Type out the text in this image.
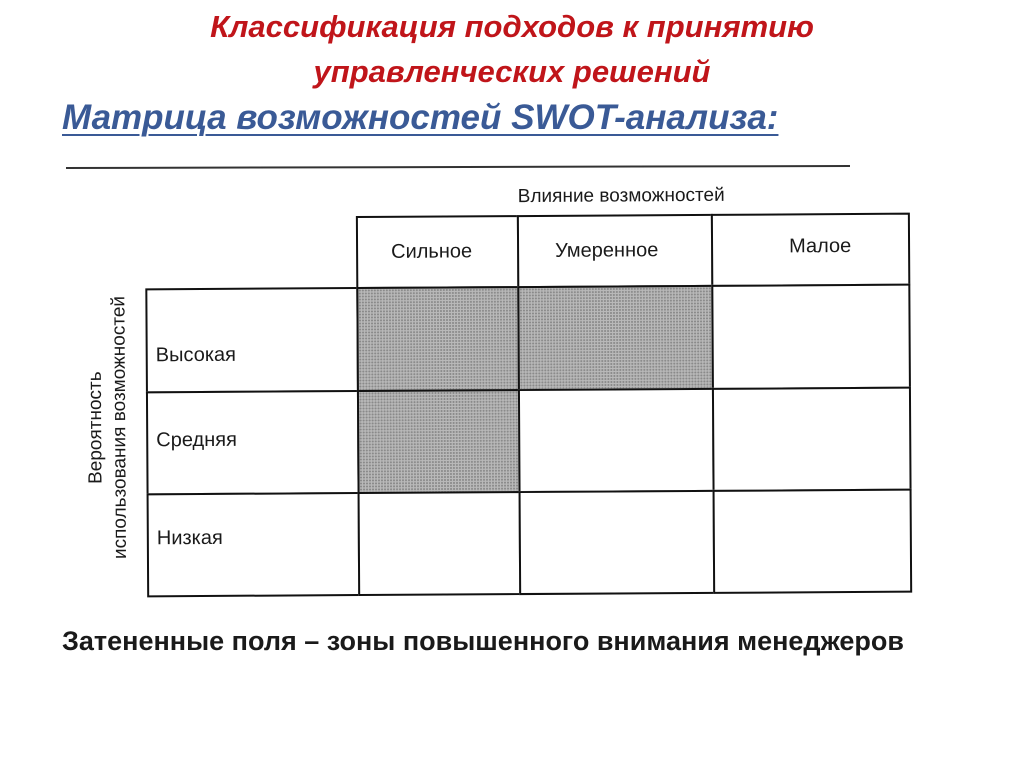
Классификация подходов к принятию
управленческих решений
Матрица возможностей SWOT-анализа:
Влияние возможностей
Вероятность использования возможностей
Сильное	Умеренное	Малое
Высокая
Средняя
Низкая
Затененные поля – зоны повышенного внимания менеджеров
